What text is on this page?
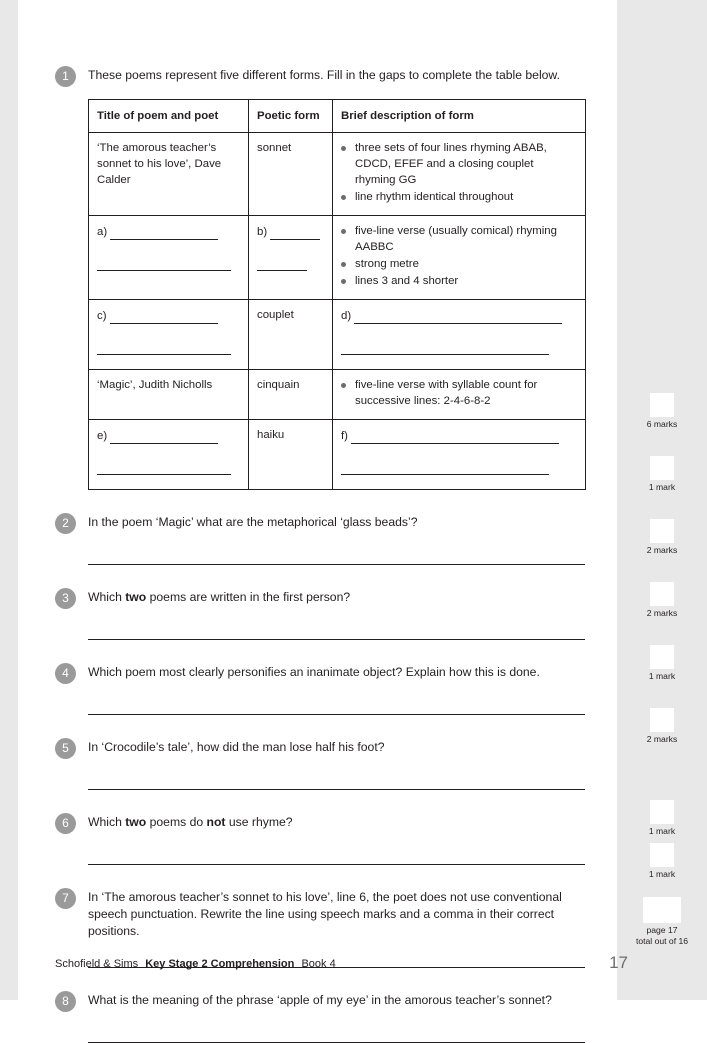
1	These poems represent five different forms. Fill in the gaps to complete the table below.
Title of poem and poet	Poetic form	Brief description of form
‘The amorous teacher’s sonnet to his love’, Dave Calder	sonnet	three sets of four lines rhyming ABAB, CDCD, EFEF and a closing couplet rhyming GG
line rhythm identical throughout

a)	b)	five-line verse (usually comical) rhyming AABBC
strong metre
lines 3 and 4 shorter

c)	couplet	d)

‘Magic’, Judith Nicholls	cinquain	five-line verse with syllable count for successive lines: 2-4-6-8-2

e)	haiku	f)

2	In the poem ‘Magic’ what are the metaphorical ‘glass beads’?
3	Which two poems are written in the first person?
4	Which poem most clearly personifies an inanimate object? Explain how this is done.
5	In ‘Crocodile’s tale’, how did the man lose half his foot?
6	Which two poems do not use rhyme?
7	In ‘The amorous teacher’s sonnet to his love’, line 6, the poet does not use conventional speech punctuation. Rewrite the line using speech marks and a comma in their correct positions.
8	What is the meaning of the phrase ‘apple of my eye’ in the amorous teacher’s sonnet?
6 marks
1 mark
2 marks
2 marks
1 mark
2 marks
1 mark
1 mark
page 17
total out of 16
Schofield & Sims Key Stage 2 Comprehension Book 4	17
